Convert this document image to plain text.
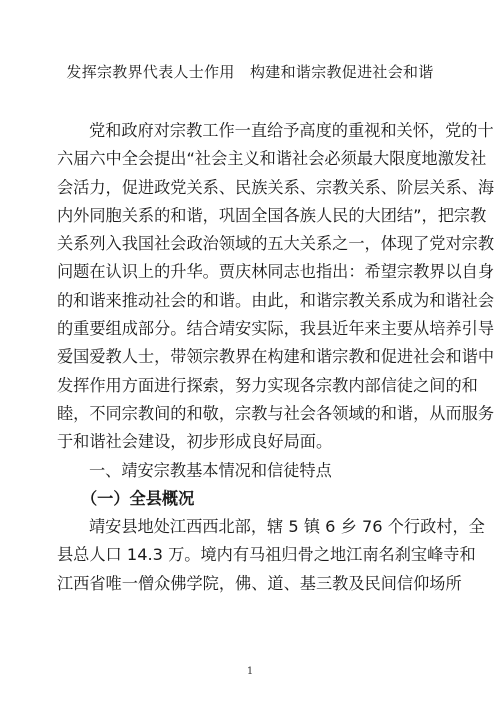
发挥宗教界代表人士作用　构建和谐宗教促进社会和谐
党和政府对宗教工作一直给予高度的重视和关怀，党的十
六届六中全会提出“社会主义和谐社会必须最大限度地激发社
会活力，促进政党关系、民族关系、宗教关系、阶层关系、海
内外同胞关系的和谐，巩固全国各族人民的大团结”，把宗教
关系列入我国社会政治领域的五大关系之一，体现了党对宗教
问题在认识上的升华。贾庆林同志也指出：希望宗教界以自身
的和谐来推动社会的和谐。由此，和谐宗教关系成为和谐社会
的重要组成部分。结合靖安实际，我县近年来主要从培养引导
爱国爱教人士，带领宗教界在构建和谐宗教和促进社会和谐中
发挥作用方面进行探索，努力实现各宗教内部信徒之间的和
睦，不同宗教间的和敬，宗教与社会各领域的和谐，从而服务
于和谐社会建设，初步形成良好局面。
一、靖安宗教基本情况和信徒特点
（一）全县概况
靖安县地处江西西北部，辖 5 镇 6 乡 76 个行政村，全
县总人口 14.3 万。境内有马祖归骨之地江南名刹宝峰寺和
江西省唯一僧众佛学院，佛、道、基三教及民间信仰场所
1
